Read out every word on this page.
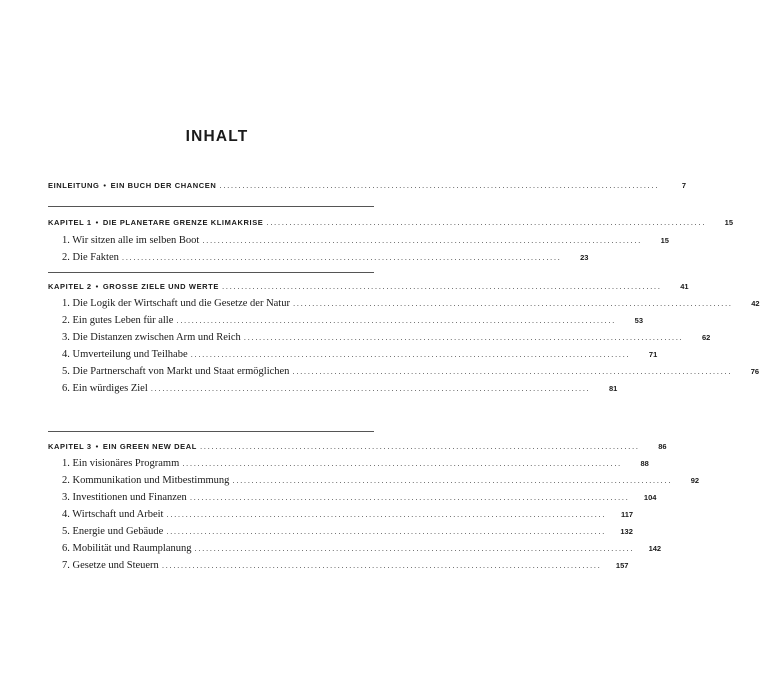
INHALT
EINLEITUNG • EIN BUCH DER CHANCEN ...................................................................................................................	7
KAPITEL 1 • DIE PLANETARE GRENZE KLIMAKRISE ...................................................................................................................	15
1. Wir sitzen alle im selben Boot ...................................................................................................................	15
2. Die Fakten ...................................................................................................................	23
KAPITEL 2 • GROSSE ZIELE UND WERTE ...................................................................................................................	41
1. Die Logik der Wirtschaft und die Gesetze der Natur ...................................................................................................................	42
2. Ein gutes Leben für alle ...................................................................................................................	53
3. Die Distanzen zwischen Arm und Reich ...................................................................................................................	62
4. Umverteilung und Teilhabe ...................................................................................................................	71
5. Die Partnerschaft von Markt und Staat ermöglichen ...................................................................................................................	76
6. Ein würdiges Ziel ...................................................................................................................	81
KAPITEL 3 • EIN GREEN NEW DEAL ...................................................................................................................	86
1. Ein visionäres Programm ...................................................................................................................	88
2. Kommunikation und Mitbestimmung ...................................................................................................................	92
3. Investitionen und Finanzen ...................................................................................................................	104
4. Wirtschaft und Arbeit ...................................................................................................................	117
5. Energie und Gebäude ...................................................................................................................	132
6. Mobilität und Raumplanung ...................................................................................................................	142
7. Gesetze und Steuern ...................................................................................................................	157
